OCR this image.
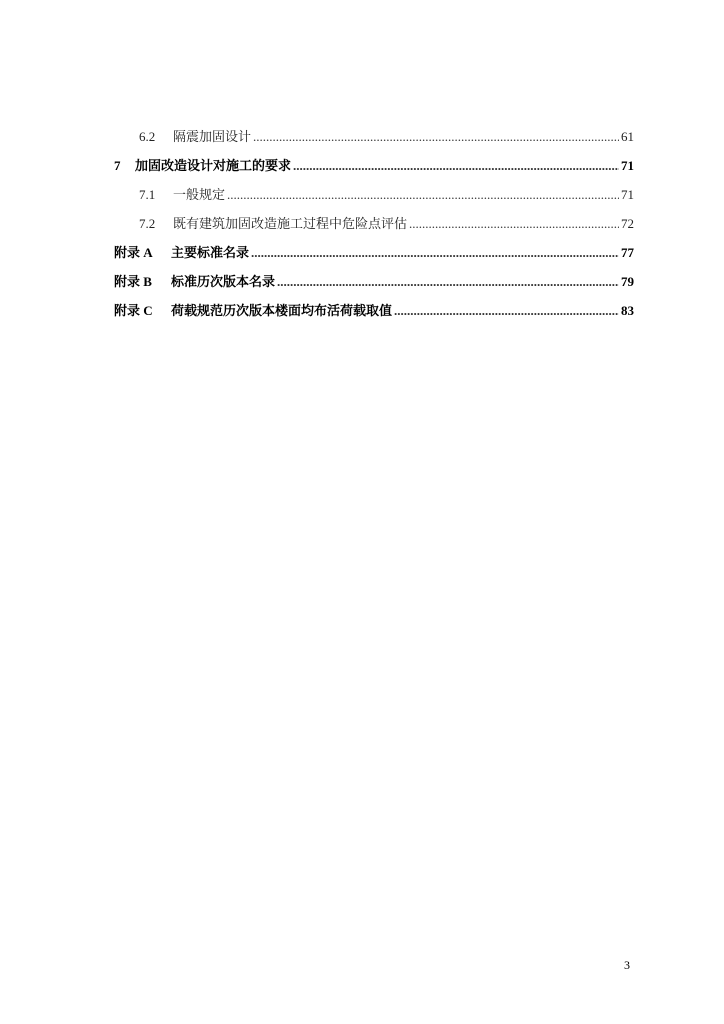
6.2	隔震加固设计 .....	61
7	加固改造设计对施工的要求 .....	71
7.1	一般规定 .....	71
7.2	既有建筑加固改造施工过程中危险点评估 .....	72
附录 A	主要标准名录 .....	77
附录 B	标准历次版本名录 .....	79
附录 C	荷载规范历次版本楼面均布活荷载取值 .....	83
3
